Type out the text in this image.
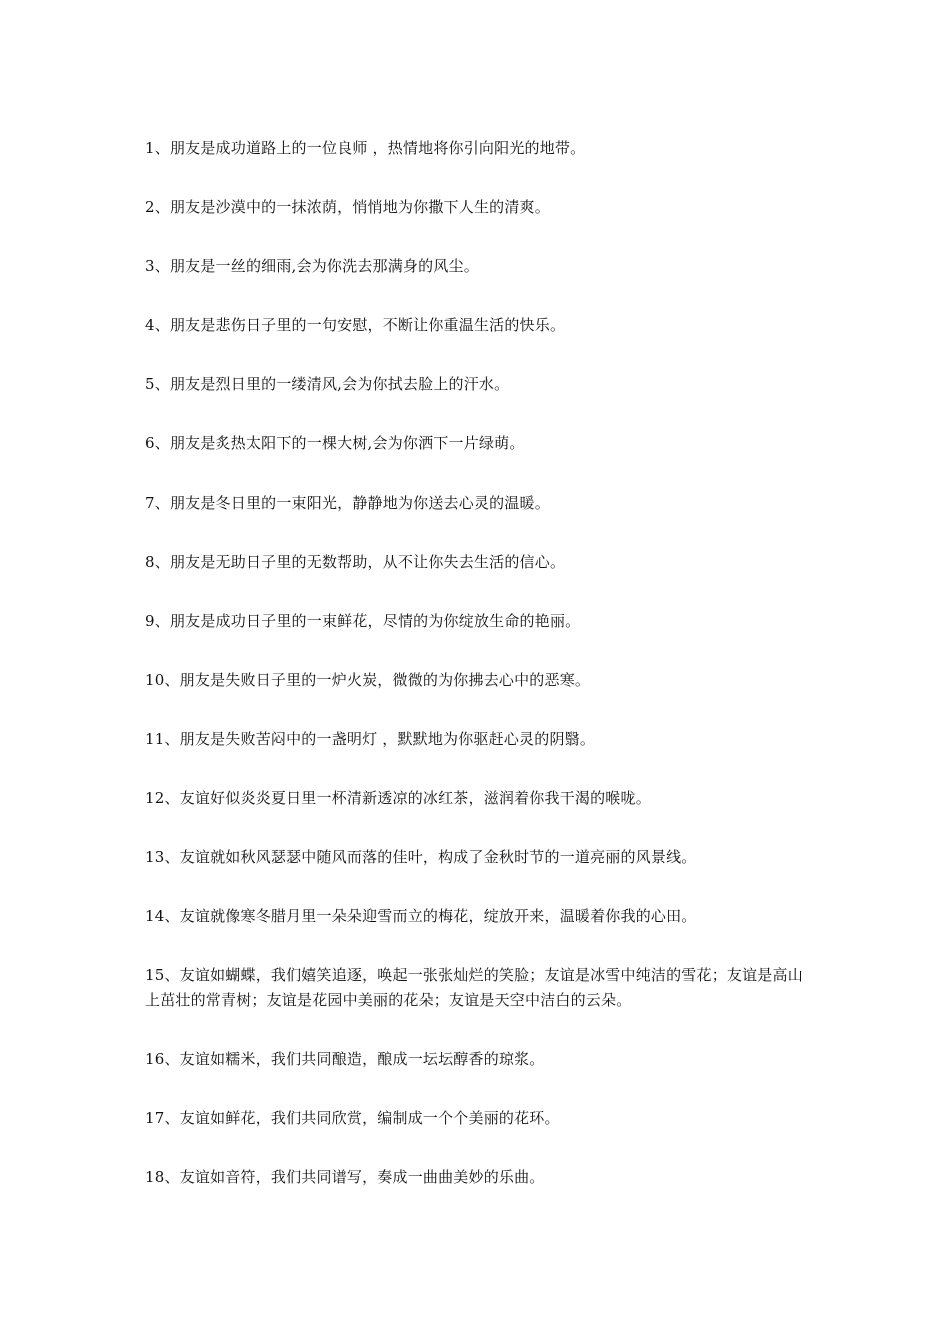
1、朋友是成功道路上的一位良师 ，热情地将你引向阳光的地带。
2、朋友是沙漠中的一抹浓荫，悄悄地为你撒下人生的清爽。
3、朋友是一丝的细雨,会为你洗去那满身的风尘。
4、朋友是悲伤日子里的一句安慰，不断让你重温生活的快乐。
5、朋友是烈日里的一缕清风,会为你拭去脸上的汗水。
6、朋友是炙热太阳下的一棵大树,会为你洒下一片绿萌。
7、朋友是冬日里的一束阳光，静静地为你送去心灵的温暖。
8、朋友是无助日子里的无数帮助，从不让你失去生活的信心。
9、朋友是成功日子里的一束鲜花，尽情的为你绽放生命的艳丽。
10、朋友是失败日子里的一炉火炭，微微的为你拂去心中的恶寒。
11、朋友是失败苦闷中的一盏明灯 ，默默地为你驱赶心灵的阴翳。
12、友谊好似炎炎夏日里一杯清新透凉的冰红茶，滋润着你我干渴的喉咙。
13、友谊就如秋风瑟瑟中随风而落的佳叶，构成了金秋时节的一道亮丽的风景线。
14、友谊就像寒冬腊月里一朵朵迎雪而立的梅花，绽放开来，温暖着你我的心田。
15、友谊如蝴蝶，我们嬉笑追逐，唤起一张张灿烂的笑脸；友谊是冰雪中纯洁的雪花；友谊是高山上茁壮的常青树；友谊是花园中美丽的花朵；友谊是天空中洁白的云朵。
16、友谊如糯米，我们共同酿造，酿成一坛坛醇香的琼浆。
17、友谊如鲜花，我们共同欣赏，编制成一个个美丽的花环。
18、友谊如音符，我们共同谱写，奏成一曲曲美妙的乐曲。
